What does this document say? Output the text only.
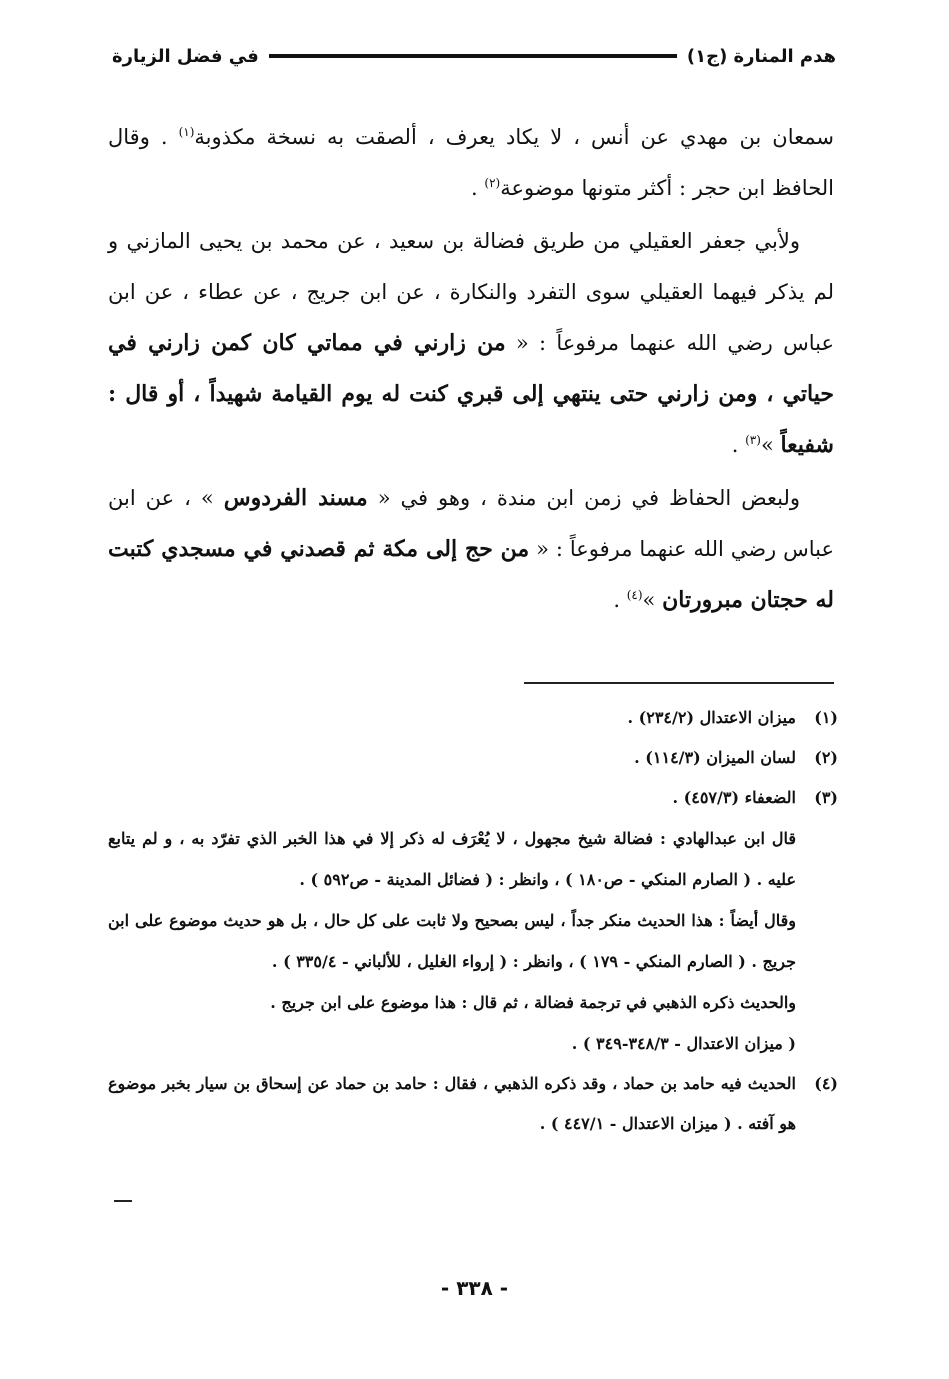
هدم المنارة (ج١)
في فضل الزيارة

سمعان بن مهدي عن أنس ، لا يكاد يعرف ، ألصقت به نسخة مكذوبة$^{(١)}$ . وقال الحافظ ابن حجر : أكثر متونها موضوعة$^{(٢)}$ .

ولأبي جعفر العقيلي من طريق فضالة بن سعيد ، عن محمد بن يحيى المازني و لم يذكر فيهما العقيلي سوى التفرد والنكارة ، عن ابن جريج ، عن عطاء ، عن ابن عباس رضي الله عنهما مرفوعاً : « من زارني في مماتي كان كمن زارني في حياتي ، ومن زارني حتى ينتهي إلى قبري كنت له يوم القيامة شهيداً ، أو قال : شفيعاً »$^{(٣)}$ .

ولبعض الحفاظ في زمن ابن مندة ، وهو في « مسند الفردوس » ، عن ابن عباس رضي الله عنهما مرفوعاً : « من حج إلى مكة ثم قصدني في مسجدي كتبت له حجتان مبرورتان »$^{(٤)}$ .

(١)
ميزان الاعتدال (٢٣٤/٢) .
(٢)
لسان الميزان (١١٤/٣) .
(٣)
الضعفاء (٤٥٧/٣) .
قال ابن عبدالهادي : فضالة شيخ مجهول ، لا يُعْرَف له ذكر إلا في هذا الخبر الذي تفرّد به ، و لم يتابع عليه . ( الصارم المنكي - ص١٨٠ ) ، وانظر : ( فضائل المدينة - ص٥٩٢ ) .
وقال أيضاً : هذا الحديث منكر جداً ، ليس بصحيح ولا ثابت على كل حال ، بل هو حديث موضوع على ابن جريج . ( الصارم المنكي - ١٧٩ ) ، وانظر : ( إرواء الغليل ، للألباني - ٣٣٥/٤ ) .
والحديث ذكره الذهبي في ترجمة فضالة ، ثم قال : هذا موضوع على ابن جريج .
( ميزان الاعتدال - ٣٤٨/٣-٣٤٩ ) .
(٤)
الحديث فيه حامد بن حماد ، وقد ذكره الذهبي ، فقال : حامد بن حماد عن إسحاق بن سيار بخبر موضوع هو آفته . ( ميزان الاعتدال - ٤٤٧/١ ) .
- ٣٣٨ -
